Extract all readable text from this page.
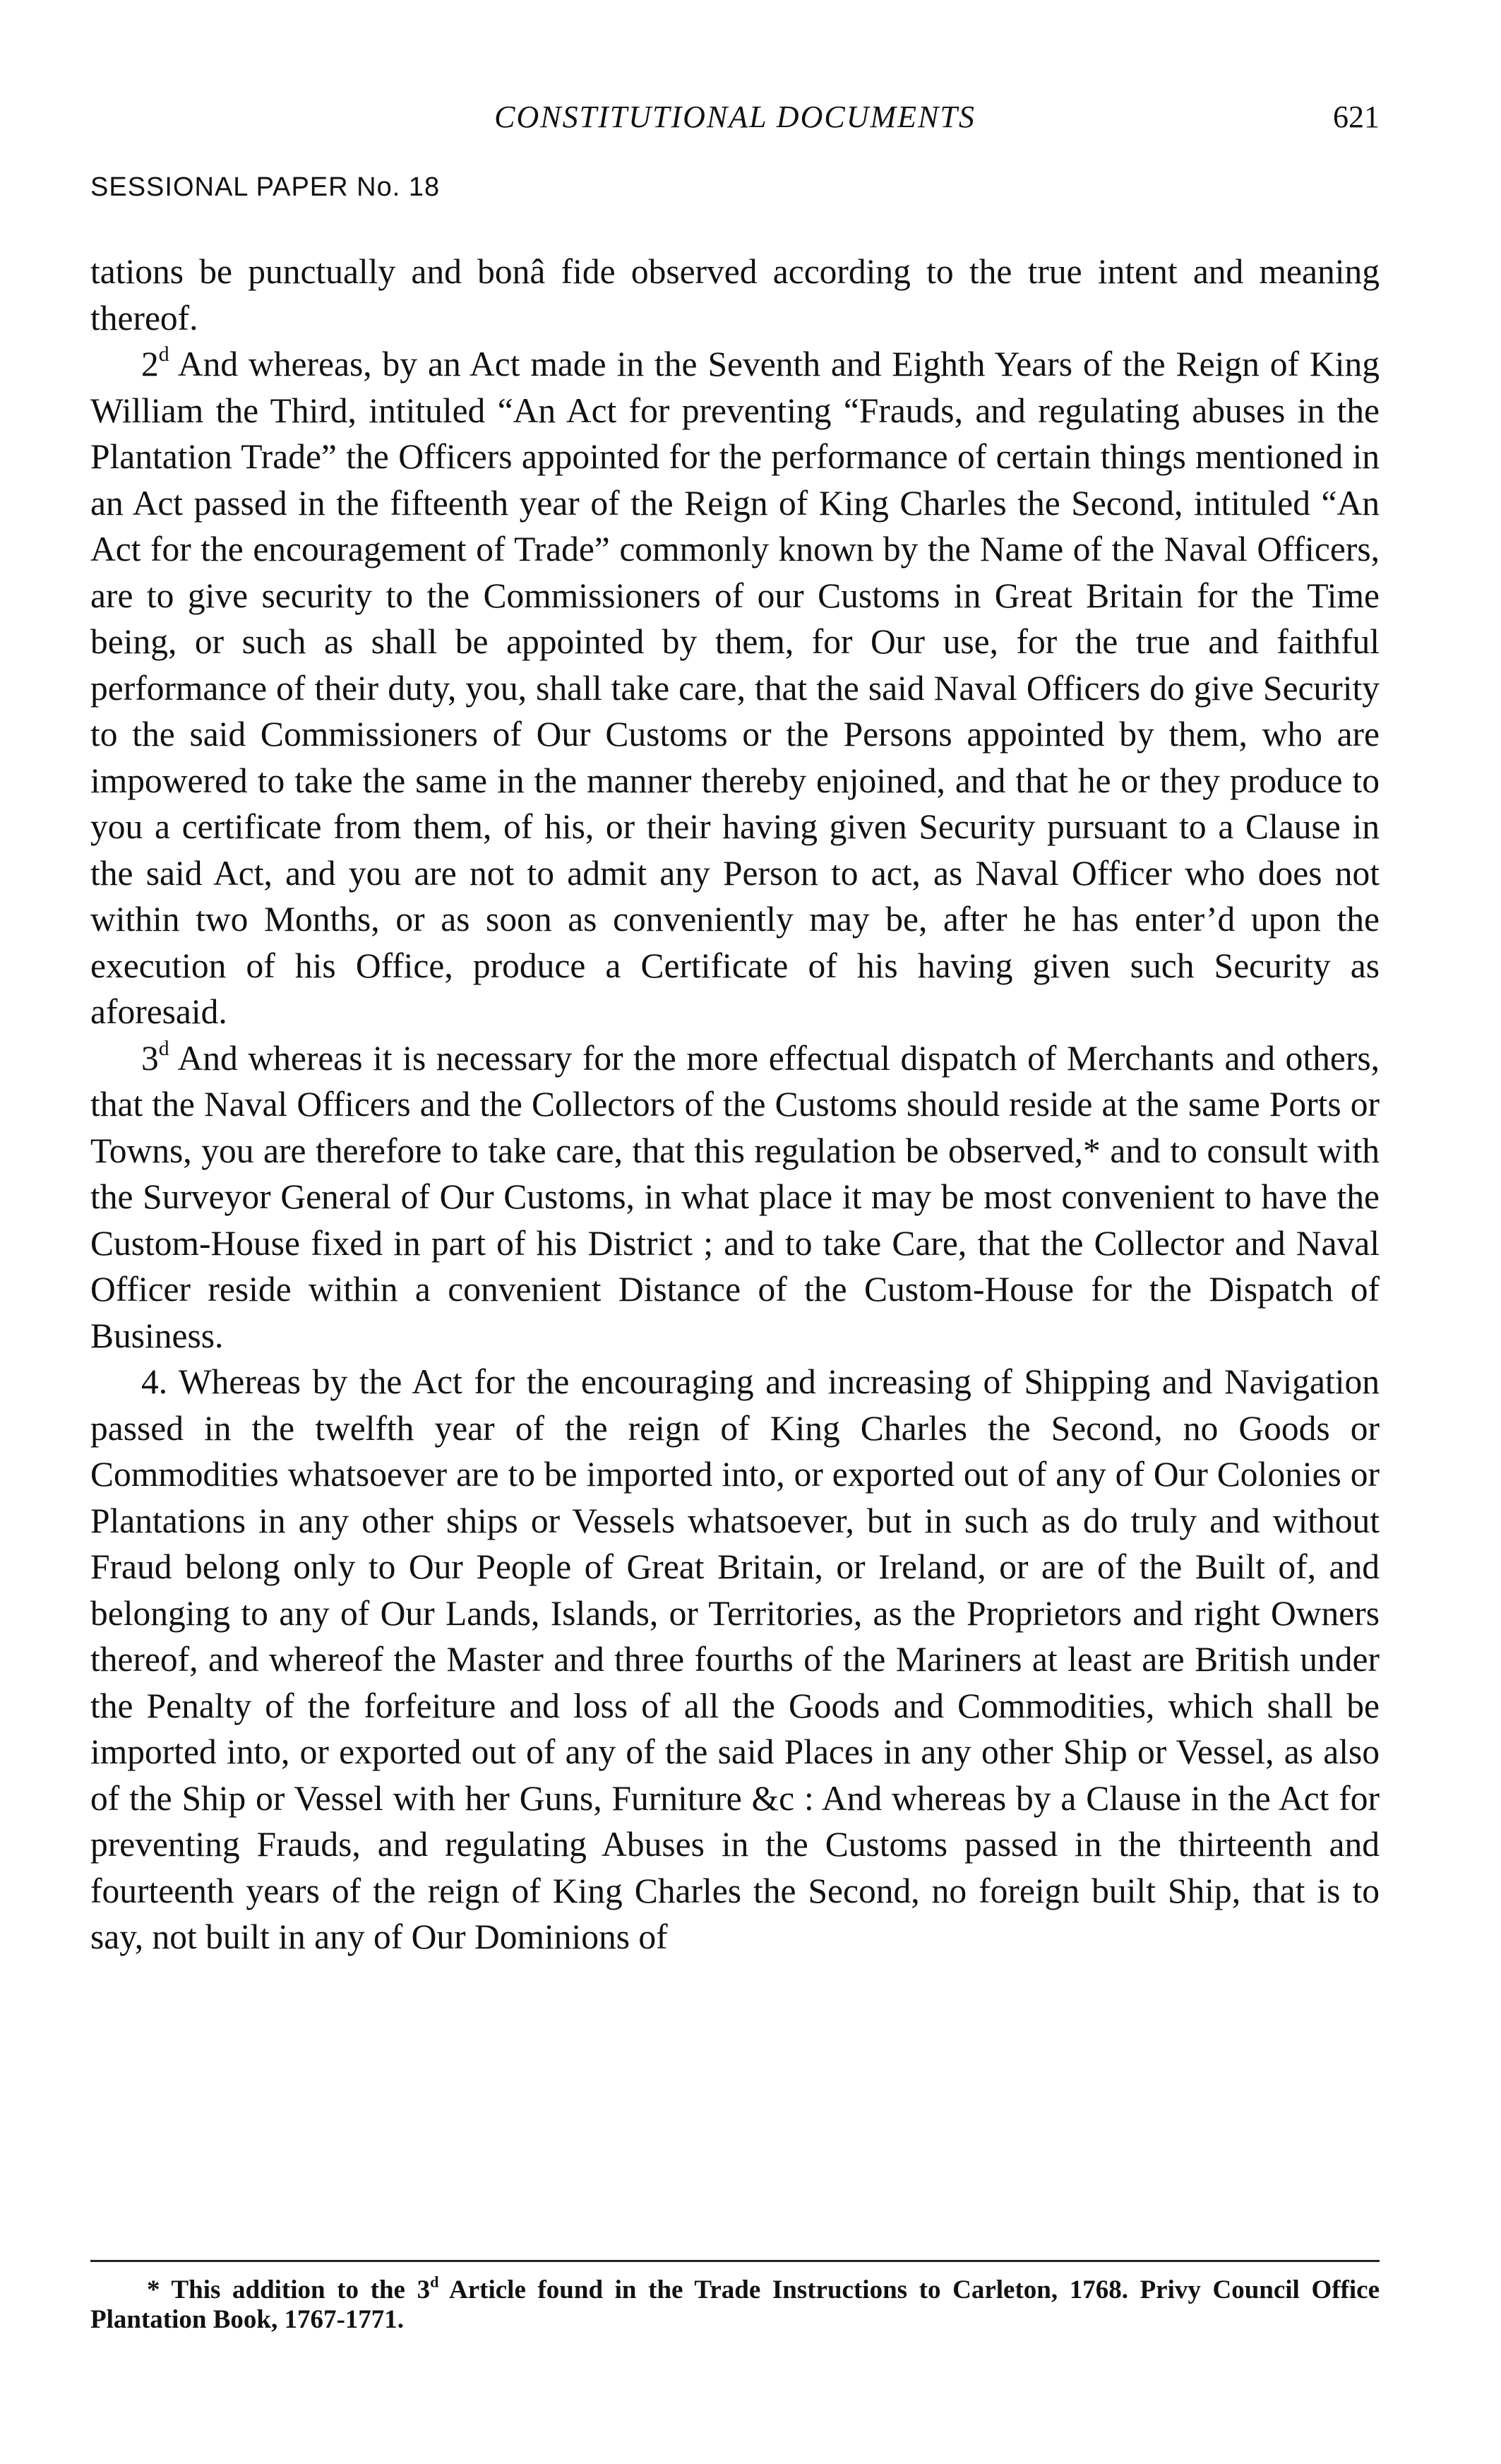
CONSTITUTIONAL DOCUMENTS	621
SESSIONAL PAPER No. 18

tations be punctually and bonâ fide observed according to the true intent and meaning thereof.

2$^d$ And whereas, by an Act made in the Seventh and Eighth Years of the Reign of King William the Third, intituled “An Act for preventing “Frauds, and regulating abuses in the Plantation Trade” the Officers appointed for the performance of certain things mentioned in an Act passed in the fifteenth year of the Reign of King Charles the Second, intituled “An Act for the encouragement of Trade” commonly known by the Name of the Naval Officers, are to give security to the Commissioners of our Customs in Great Britain for the Time being, or such as shall be appointed by them, for Our use, for the true and faithful performance of their duty, you, shall take care, that the said Naval Officers do give Security to the said Commissioners of Our Customs or the Persons appointed by them, who are impowered to take the same in the manner thereby enjoined, and that he or they produce to you a certificate from them, of his, or their having given Security pursuant to a Clause in the said Act, and you are not to admit any Person to act, as Naval Officer who does not within two Months, or as soon as conveniently may be, after he has enter’d upon the execution of his Office, produce a Certificate of his having given such Security as aforesaid.

3$^d$ And whereas it is necessary for the more effectual dispatch of Merchants and others, that the Naval Officers and the Collectors of the Customs should reside at the same Ports or Towns, you are therefore to take care, that this regulation be observed,* and to consult with the Surveyor General of Our Customs, in what place it may be most convenient to have the Custom-House fixed in part of his District ; and to take Care, that the Collector and Naval Officer reside within a convenient Distance of the Custom-House for the Dispatch of Business.

4. Whereas by the Act for the encouraging and increasing of Shipping and Navigation passed in the twelfth year of the reign of King Charles the Second, no Goods or Commodities whatsoever are to be imported into, or exported out of any of Our Colonies or Plantations in any other ships or Vessels whatsoever, but in such as do truly and without Fraud belong only to Our People of Great Britain, or Ireland, or are of the Built of, and belonging to any of Our Lands, Islands, or Territories, as the Proprietors and right Owners thereof, and whereof the Master and three fourths of the Mariners at least are British under the Penalty of the forfeiture and loss of all the Goods and Commodities, which shall be imported into, or exported out of any of the said Places in any other Ship or Vessel, as also of the Ship or Vessel with her Guns, Furniture &c : And whereas by a Clause in the Act for preventing Frauds, and regulating Abuses in the Customs passed in the thirteenth and fourteenth years of the reign of King Charles the Second, no foreign built Ship, that is to say, not built in any of Our Dominions of

* This addition to the 3$^d$ Article found in the Trade Instructions to Carleton, 1768. Privy Council Office Plantation Book, 1767-1771.
